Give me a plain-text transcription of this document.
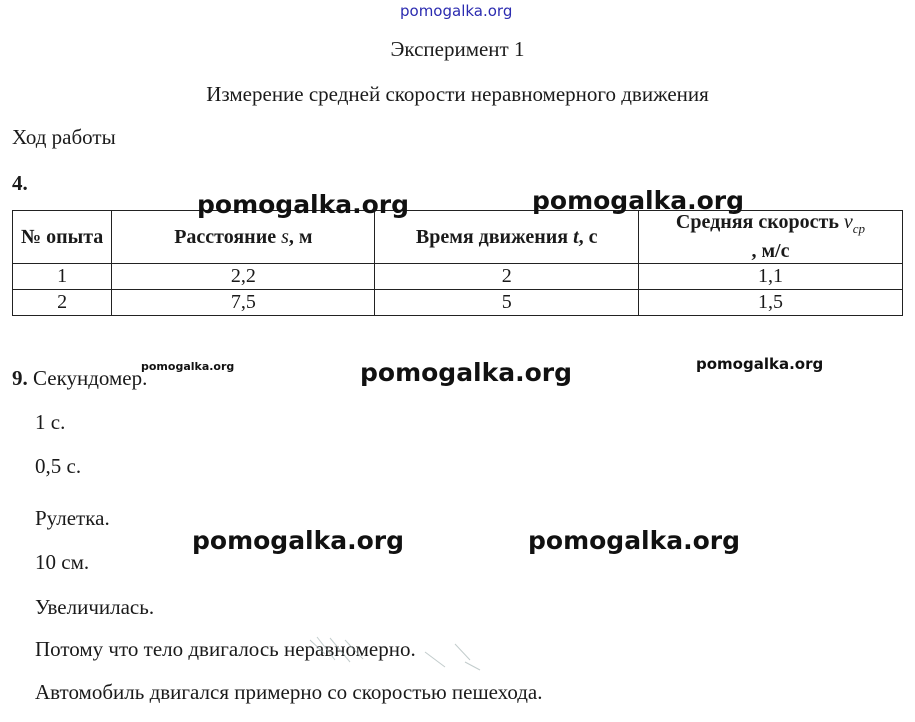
pomogalka.org
Эксперимент 1
Измерение средней скорости неравномерного движения
Ход работы
4.
№ опыта	Расстояние s, м	Время движения t, с	Средняя скорость $v_{ср}$
, м/с
1	2,2	2	1,1
2	7,5	5	1,5
9. Секундомер.
1 с.
0,5 с.
Рулетка.
10 см.
Увеличилась.
Потому что тело двигалось неравномерно.
Автомобиль двигался примерно со скоростью пешехода.
pomogalka.org	pomogalka.org
pomogalka.org
pomogalka.org	pomogalka.org
pomogalka.org	pomogalka.org
